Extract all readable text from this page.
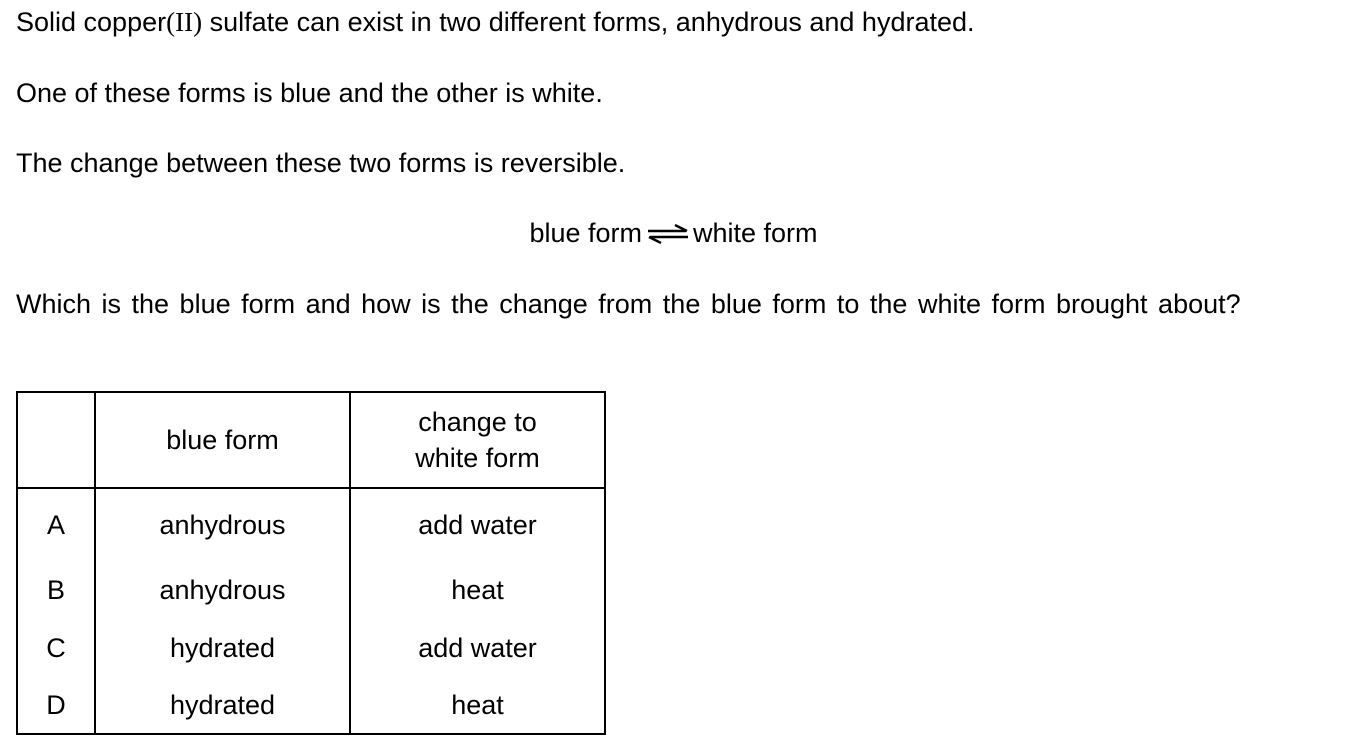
Solid copper(II) sulfate can exist in two different forms, anhydrous and hydrated.

One of these forms is blue and the other is white.

The change between these two forms is reversible.

blue form ⇌ white form

Which is the blue form and how is the change from the blue form to the white form brought about?

	blue form	change to
white form
A	anhydrous	add water
B	anhydrous	heat
C	hydrated	add water
D	hydrated	heat
